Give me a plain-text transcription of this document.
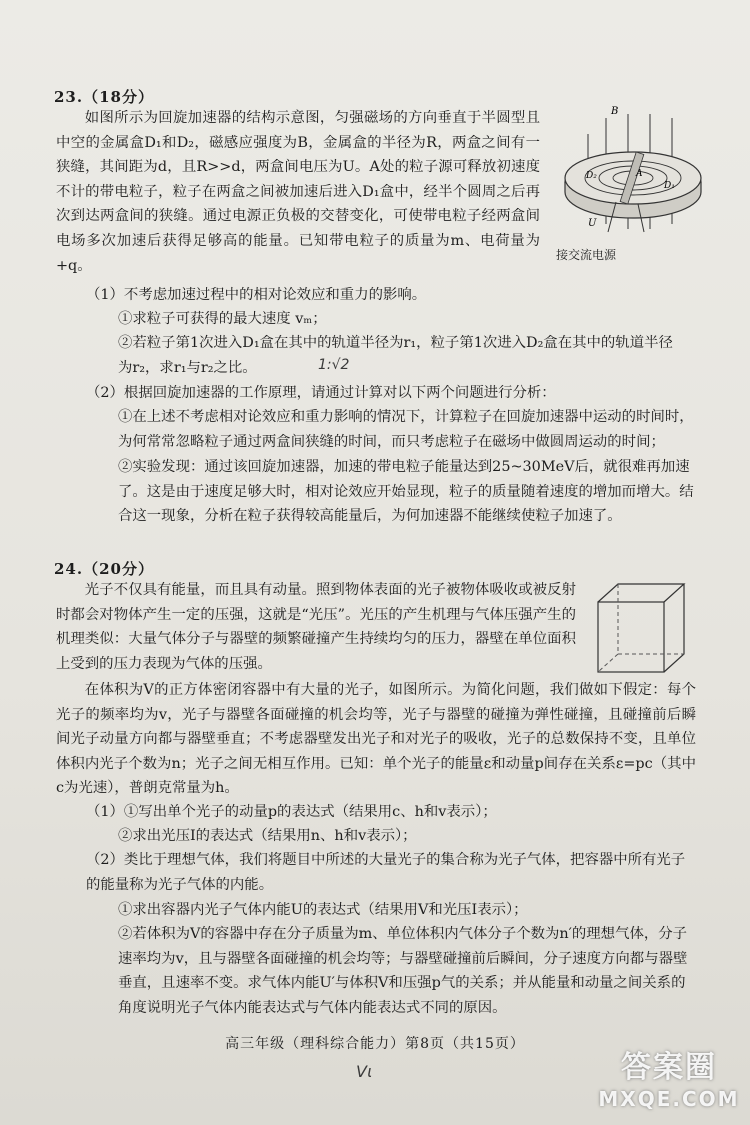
23.（18分）
如图所示为回旋加速器的结构示意图，匀强磁场的方向垂直于半圆型且中空的金属盒D₁和D₂，磁感应强度为B，金属盒的半径为R，两盒之间有一狭缝，其间距为d，且R>>d，两盒间电压为U。A处的粒子源可释放初速度不计的带电粒子，粒子在两盒之间被加速后进入D₁盒中，经半个圆周之后再次到达两盒间的狭缝。通过电源正负极的交替变化，可使带电粒子经两盒间电场多次加速后获得足够高的能量。已知带电粒子的质量为m、电荷量为+q。
B
A
D₂
D₁
U
接交流电源
（1）不考虑加速过程中的相对论效应和重力的影响。
①求粒子可获得的最大速度 vₘ；
②若粒子第1次进入D₁盒在其中的轨道半径为r₁，粒子第1次进入D₂盒在其中的轨道半径为r₂，求r₁与r₂之比。	1:√2
（2）根据回旋加速器的工作原理，请通过计算对以下两个问题进行分析：
①在上述不考虑相对论效应和重力影响的情况下，计算粒子在回旋加速器中运动的时间时，为何常常忽略粒子通过两盒间狭缝的时间，而只考虑粒子在磁场中做圆周运动的时间；
②实验发现：通过该回旋加速器，加速的带电粒子能量达到25~30MeV后，就很难再加速了。这是由于速度足够大时，相对论效应开始显现，粒子的质量随着速度的增加而增大。结合这一现象，分析在粒子获得较高能量后，为何加速器不能继续使粒子加速了。
24.（20分）
光子不仅具有能量，而且具有动量。照到物体表面的光子被物体吸收或被反射时都会对物体产生一定的压强，这就是“光压”。光压的产生机理与气体压强产生的机理类似：大量气体分子与器壁的频繁碰撞产生持续均匀的压力，器壁在单位面积上受到的压力表现为气体的压强。
在体积为V的正方体密闭容器中有大量的光子，如图所示。为简化问题，我们做如下假定：每个光子的频率均为v，光子与器壁各面碰撞的机会均等，光子与器壁的碰撞为弹性碰撞，且碰撞前后瞬间光子动量方向都与器壁垂直；不考虑器壁发出光子和对光子的吸收，光子的总数保持不变，且单位体积内光子个数为n；光子之间无相互作用。已知：单个光子的能量ε和动量p间存在关系ε=pc（其中c为光速），普朗克常量为h。
（1）①写出单个光子的动量p的表达式（结果用c、h和v表示）；
②求出光压I的表达式（结果用n、h和v表示）；
（2）类比于理想气体，我们将题目中所述的大量光子的集合称为光子气体，把容器中所有光子的能量称为光子气体的内能。
①求出容器内光子气体内能U的表达式（结果用V和光压I表示）；
②若体积为V的容器中存在分子质量为m、单位体积内气体分子个数为n′的理想气体，分子速率均为v，且与器壁各面碰撞的机会均等；与器壁碰撞前后瞬间，分子速度方向都与器壁垂直，且速率不变。求气体内能U′与体积V和压强p气的关系；并从能量和动量之间关系的角度说明光子气体内能表达式与气体内能表达式不同的原因。
高三年级（理科综合能力）第8页（共15页）
Vɩ	答案圈
MXQE.COM
